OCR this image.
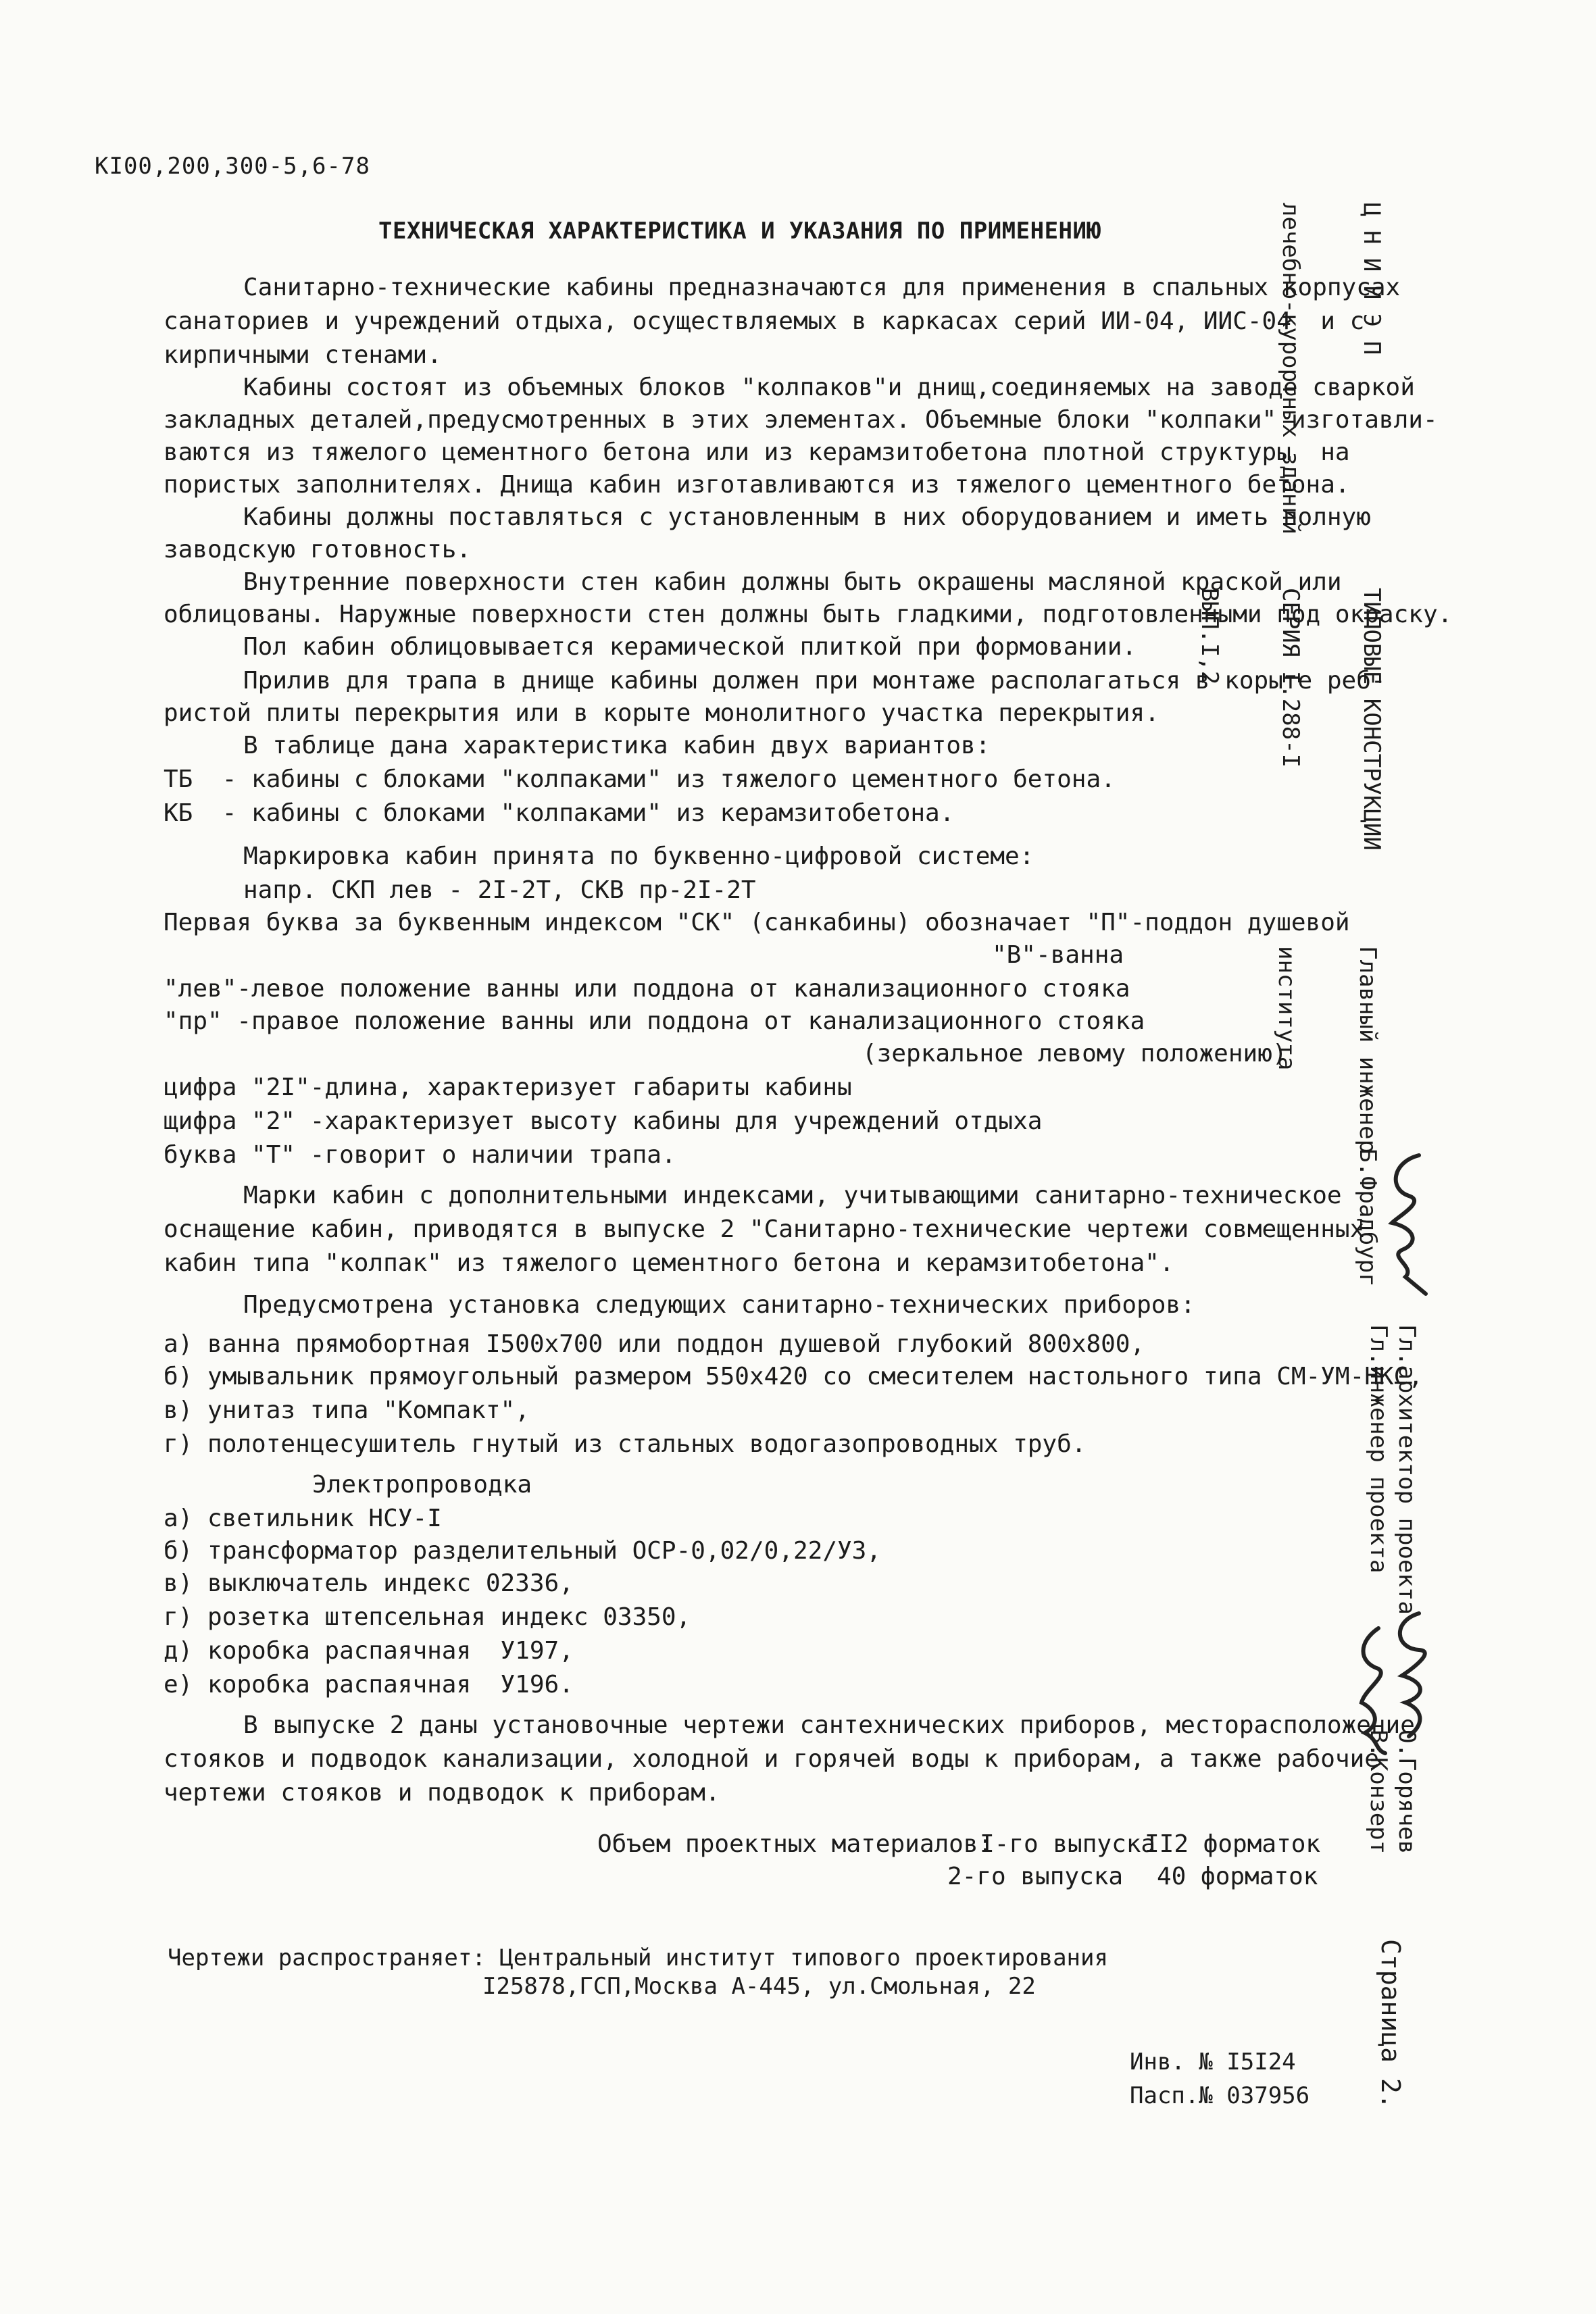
КI00,200,300-5,6-78
ТЕХНИЧЕСКАЯ ХАРАКТЕРИСТИКА И УКАЗАНИЯ ПО ПРИМЕНЕНИЮ
Санитарно-технические кабины предназначаются для применения в спальных корпусах
санаториев и учреждений отдыха, осуществляемых в каркасах серий ИИ-04, ИИС-04  и с
кирпичными стенами.
Кабины состоят из объемных блоков "колпаков"и днищ,соединяемых на заводе сваркой
закладных деталей,предусмотренных в этих элементах. Объемные блоки "колпаки" изготавли-
ваются из тяжелого цементного бетона или из керамзитобетона плотной структуры  на
пористых заполнителях. Днища кабин изготавливаются из тяжелого цементного бетона.
Кабины должны поставляться с установленным в них оборудованием и иметь полную
заводскую готовность.
Внутренние поверхности стен кабин должны быть окрашены масляной краской или
облицованы. Наружные поверхности стен должны быть гладкими, подготовленными под окраску.
Пол кабин облицовывается керамической плиткой при формовании.
Прилив для трапа в днище кабины должен при монтаже располагаться в корыте реб-
ристой плиты перекрытия или в корыте монолитного участка перекрытия.
В таблице дана характеристика кабин двух вариантов:
ТБ  - кабины с блоками "колпаками" из тяжелого цементного бетона.
КБ  - кабины с блоками "колпаками" из керамзитобетона.
Маркировка кабин принята по буквенно-цифровой системе:
напр. СКП лев - 2I-2Т, СКВ пр-2I-2Т
Первая буква за буквенным индексом "СК" (санкабины) обозначает "П"-поддон душевой
"В"-ванна
"лев"-левое положение ванны или поддона от канализационного стояка
"пр" -правое положение ванны или поддона от канализационного стояка
(зеркальное левому положению)
цифра "2I"-длина, характеризует габариты кабины
щифра "2" -характеризует высоту кабины для учреждений отдыха
буква "Т" -говорит о наличии трапа.
Марки кабин с дополнительными индексами, учитывающими санитарно-техническое
оснащение кабин, приводятся в выпуске 2 "Санитарно-технические чертежи совмещенных
кабин типа "колпак" из тяжелого цементного бетона и керамзитобетона".
Предусмотрена установка следующих санитарно-технических приборов:
а) ванна прямобортная I500х700 или поддон душевой глубокий 800х800,
б) умывальник прямоугольный размером 550х420 со смесителем настольного типа СМ-УМ-НКС,
в) унитаз типа "Компакт",
г) полотенцесушитель гнутый из стальных водогазопроводных труб.
Электропроводка
а) светильник НСУ-I
б) трансформатор разделительный ОСР-0,02/0,22/У3,
в) выключатель индекс 02336,
г) розетка штепсельная индекс 03350,
д) коробка распаячная  У197,
е) коробка распаячная  У196.
В выпуске 2 даны установочные чертежи сантехнических приборов, месторасположение
стояков и подводок канализации, холодной и горячей воды к приборам, а также рабочие
чертежи стояков и подводок к приборам.
Объем проектных материалов:
I-го выпуска
II2 форматок
2-го выпуска 40 форматок
Чертежи распространяет: Центральный институт типового проектирования
I25878,ГСП,Москва А-445, ул.Смольная, 22
Инв. № I5I24
Пасп.№ 037956

Ц Н И И Э П

лечебно-курортных зданий

ТИПОВЫЕ КОНСТРУКЦИИ

СЕРИЯ I.288-I

ВЫП.I,2

Главный инженер

института

Б.Фрадбург
Гл.архитектор проекта
Гл.инженер проекта
О.Горячев
В.Конзерт
Страница 2.
